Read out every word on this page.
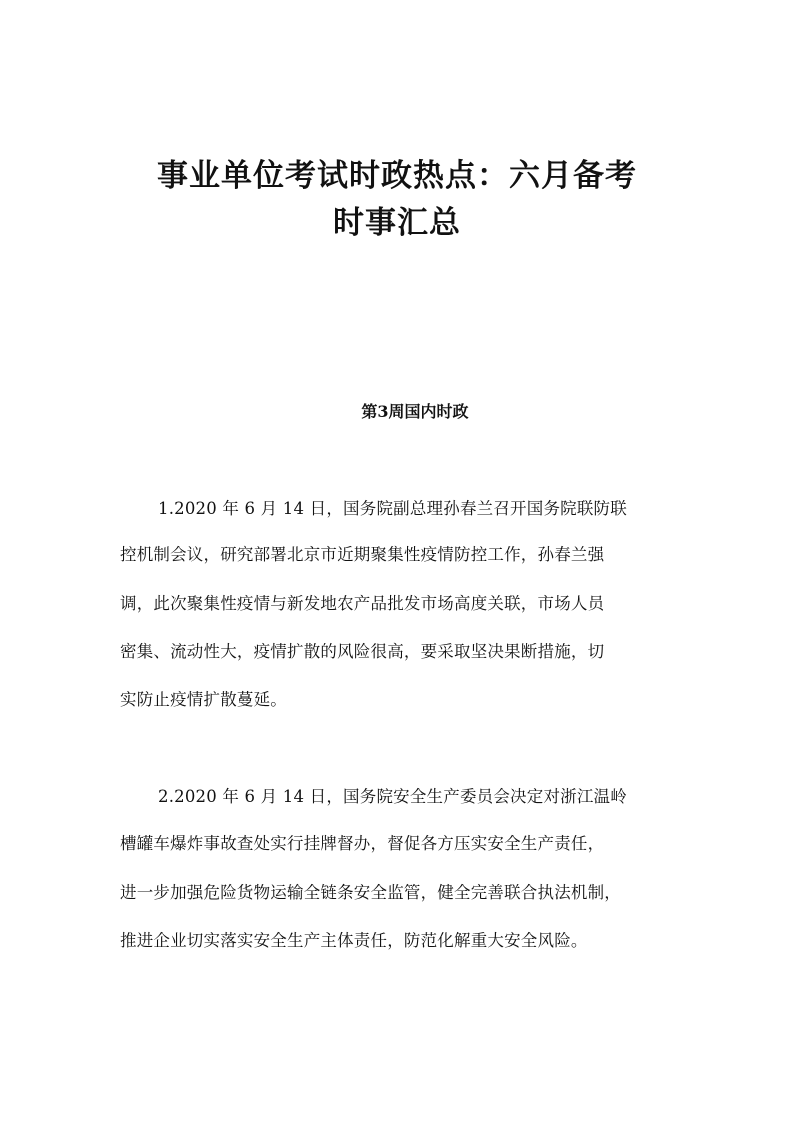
事业单位考试时政热点：六月备考
时事汇总
第3周国内时政
1.2020 年 6 月 14 日，国务院副总理孙春兰召开国务院联防联
控机制会议，研究部署北京市近期聚集性疫情防控工作，孙春兰强
调，此次聚集性疫情与新发地农产品批发市场高度关联，市场人员
密集、流动性大，疫情扩散的风险很高，要采取坚决果断措施，切
实防止疫情扩散蔓延。
2.2020 年 6 月 14 日，国务院安全生产委员会决定对浙江温岭
槽罐车爆炸事故查处实行挂牌督办，督促各方压实安全生产责任，
进一步加强危险货物运输全链条安全监管，健全完善联合执法机制，
推进企业切实落实安全生产主体责任，防范化解重大安全风险。
